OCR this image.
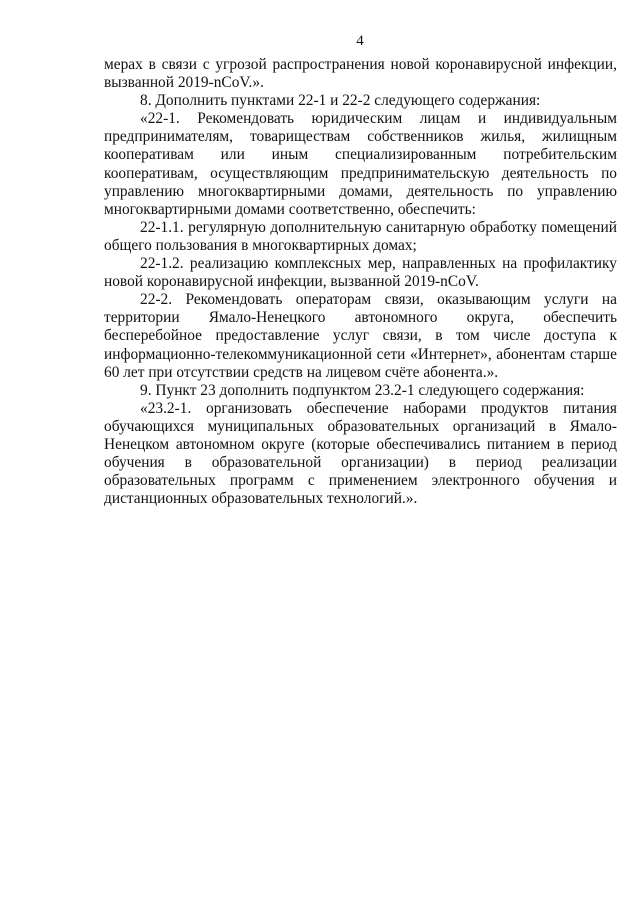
4

мерах в связи с угрозой распространения новой коронавирусной инфекции, вызванной 2019-nCoV.».

8. Дополнить пунктами 22-1 и 22-2 следующего содержания:

«22-1. Рекомендовать юридическим лицам и индивидуальным предпринимателям, товариществам собственников жилья, жилищным кооперативам или иным специализированным потребительским кооперативам, осуществляющим предпринимательскую деятельность по управлению многоквартирными домами, деятельность по управлению многоквартирными домами соответственно, обеспечить:

22-1.1. регулярную дополнительную санитарную обработку помещений общего пользования в многоквартирных домах;

22-1.2. реализацию комплексных мер, направленных на профилактику новой коронавирусной инфекции, вызванной 2019-nCoV.

22-2. Рекомендовать операторам связи, оказывающим услуги на территории Ямало-Ненецкого автономного округа, обеспечить бесперебойное предоставление услуг связи, в том числе доступа к информационно-телекоммуникационной сети «Интернет», абонентам старше 60 лет при отсутствии средств на лицевом счёте абонента.».

9. Пункт 23 дополнить подпунктом 23.2-1 следующего содержания:

«23.2-1. организовать обеспечение наборами продуктов питания обучающихся муниципальных образовательных организаций в Ямало-Ненецком автономном округе (которые обеспечивались питанием в период обучения в образовательной организации) в период реализации образовательных программ с применением электронного обучения и дистанционных образовательных технологий.».
